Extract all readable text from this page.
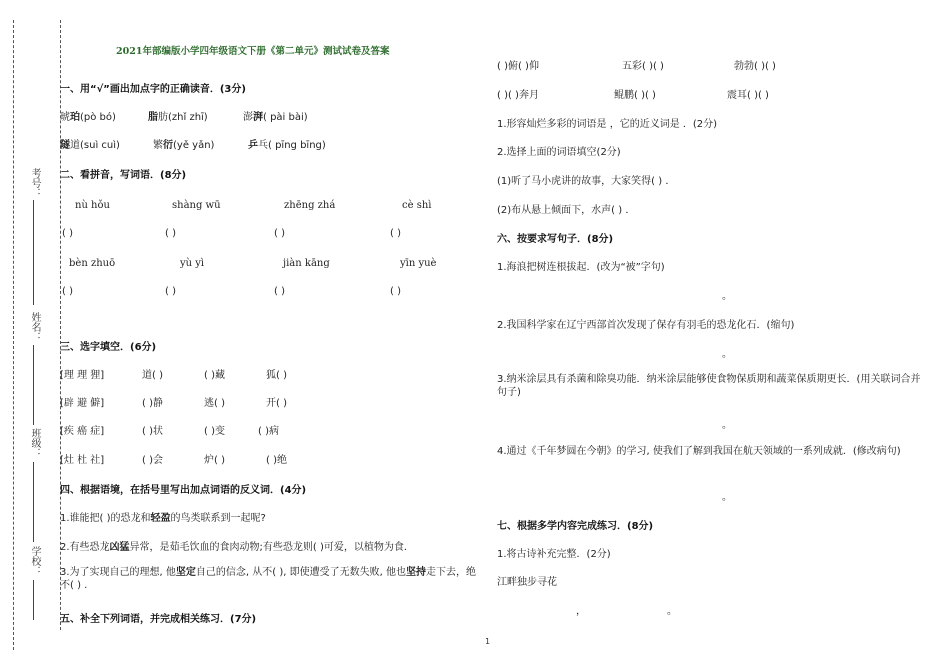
考号：
姓名：
班级：
学校：
2021年部编版小学四年级语文下册《第二单元》测试试卷及答案
一、用“√”画出加点字的正确读音．(3分)
琥珀(pò bó)	脂肪(zhǐ zhī)	澎湃( pài bài)
隧道(suì cuì)	繁衍(yě yǎn)	乒乓( pīng bīng)
二、看拼音，写词语．(8分)
nù hǒu	shàng wū	zhēng zhá	cè shì
( )	( )	( )	( )
bèn zhuō	yù yì	jiàn kāng	yīn yuè
( )	( )	( )	( )
三、选字填空．(6分)
[理 理 狸]	道( )	( )藏	狐( )
[辟 避 僻]	( )静	逃( )	开( )
[疾 癌 症]	( )状	( )变	( )病
[灶 杜 社]	( )会	炉( )	( )绝
四、根据语境，在括号里写出加点词语的反义词．(4分)
1.谁能把( )的恐龙和轻盈的鸟类联系到一起呢?
2.有些恐龙凶猛异常，是茹毛饮血的食肉动物;有些恐龙则( )可爱，以植物为食．
3.为了实现自己的理想, 他坚定自己的信念, 从不( ), 即使遭受了无数失败, 他也坚持走下去，绝不( ) .
五、补全下列词语，并完成相关练习．(7分)
( )俯( )仰	五彩( )( )	勃勃( )( )
( )( )奔月	鲲鹏( )( )	震耳( )( )
1.形容灿烂多彩的词语是 ，它的近义词是 ．(2分)
2.选择上面的词语填空(2分)
(1)听了马小虎讲的故事，大家笑得( ) ．
(2)布从悬上倾面下，水声( ) ．
六、按要求写句子．(8分)
1.海浪把树连根拔起．(改为“被”字句)
。
2.我国科学家在辽宁西部首次发现了保存有羽毛的恐龙化石．(缩句)
。
3.纳米涂层具有杀菌和除臭功能．纳米涂层能够使食物保质期和蔬菜保质期更长．(用关联词合并句子)
。
4.通过《千年梦圆在今朝》的学习, 使我们了解到我国在航天领域的一系列成就．(修改病句)
。
七、根据多学内容完成练习．(8分)
1.将古诗补充完整．(2分)
江畔独步寻花
，	。
1
